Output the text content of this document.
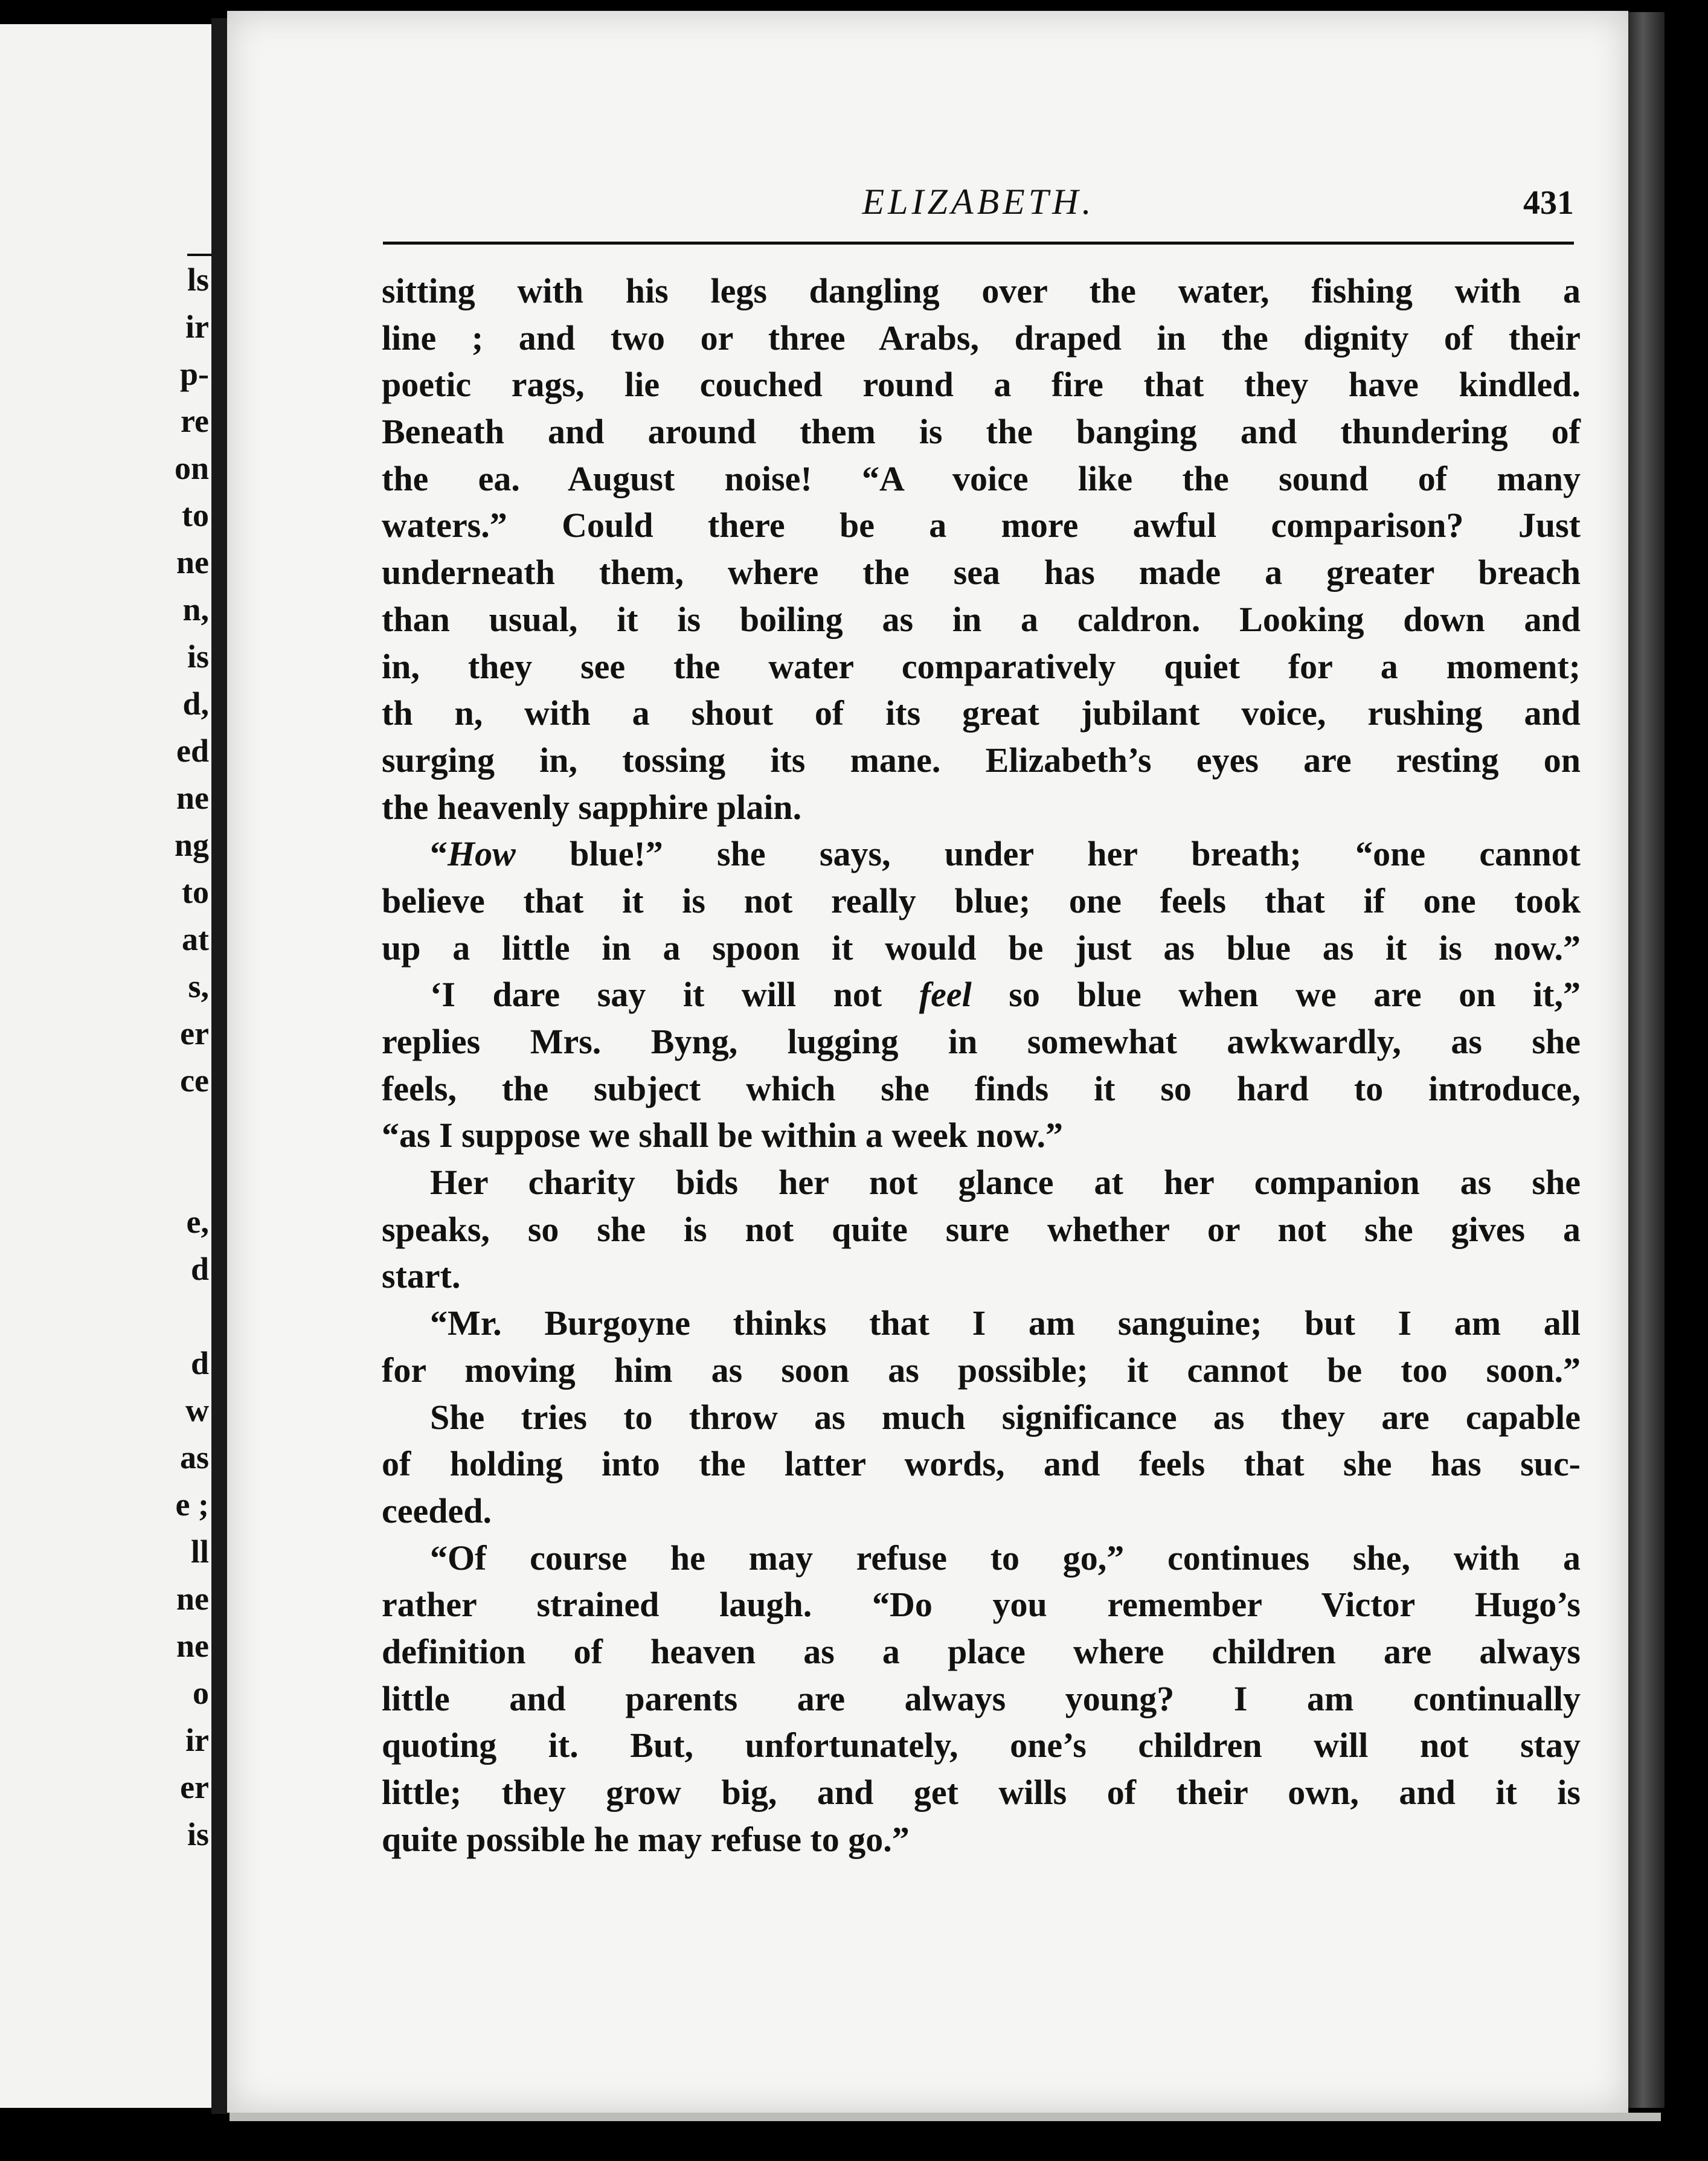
ls
ir
p-
re
on
to
ne
n,
is
d,
ed
ne
ng
to
at
s,
er
ce
e,
d
d
w
as
e ;
ll
ne
ne
o
ir
er
is
ELIZABETH.	431
sitting with his legs dangling over the water, fishing with a
line ; and two or three Arabs, draped in the dignity of their
poetic rags, lie couched round a fire that they have kindled.
Beneath and around them is the banging and thundering of
the ea. August noise! “A voice like the sound of many
waters.” Could there be a more awful comparison? Just
underneath them, where the sea has made a greater breach
than usual, it is boiling as in a caldron. Looking down and
in, they see the water comparatively quiet for a moment;
th n, with a shout of its great jubilant voice, rushing and
surging in, tossing its mane. Elizabeth’s eyes are resting on
the heavenly sapphire plain.
“How blue!” she says, under her breath; “one cannot
believe that it is not really blue; one feels that if one took
up a little in a spoon it would be just as blue as it is now.”
‘I dare say it will not feel so blue when we are on it,”
replies Mrs. Byng, lugging in somewhat awkwardly, as she
feels, the subject which she finds it so hard to introduce,
“as I suppose we shall be within a week now.”
Her charity bids her not glance at her companion as she
speaks, so she is not quite sure whether or not she gives a
start.
“Mr. Burgoyne thinks that I am sanguine; but I am all
for moving him as soon as possible; it cannot be too soon.”
She tries to throw as much significance as they are capable
of holding into the latter words, and feels that she has suc-
ceeded.
“Of course he may refuse to go,” continues she, with a
rather strained laugh. “Do you remember Victor Hugo’s
definition of heaven as a place where children are always
little and parents are always young? I am continually
quoting it. But, unfortunately, one’s children will not stay
little; they grow big, and get wills of their own, and it is
quite possible he may refuse to go.”
